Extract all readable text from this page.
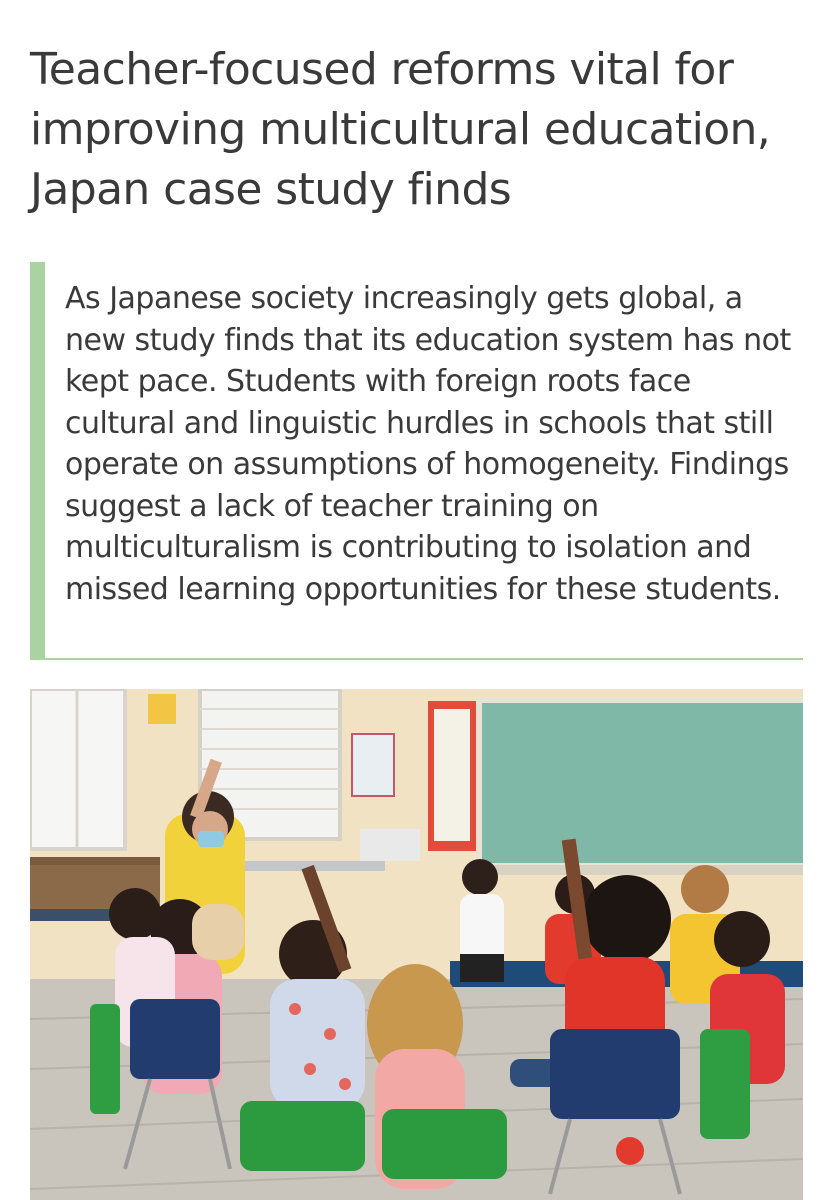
Teacher-focused reforms vital for improving multicultural education, Japan case study finds

As Japanese society increasingly gets global, a new study finds that its education system has not kept pace. Students with foreign roots face cultural and linguistic hurdles in schools that still operate on assumptions of homogeneity. Findings suggest a lack of teacher training on multiculturalism is contributing to isolation and missed learning opportunities for these students.
